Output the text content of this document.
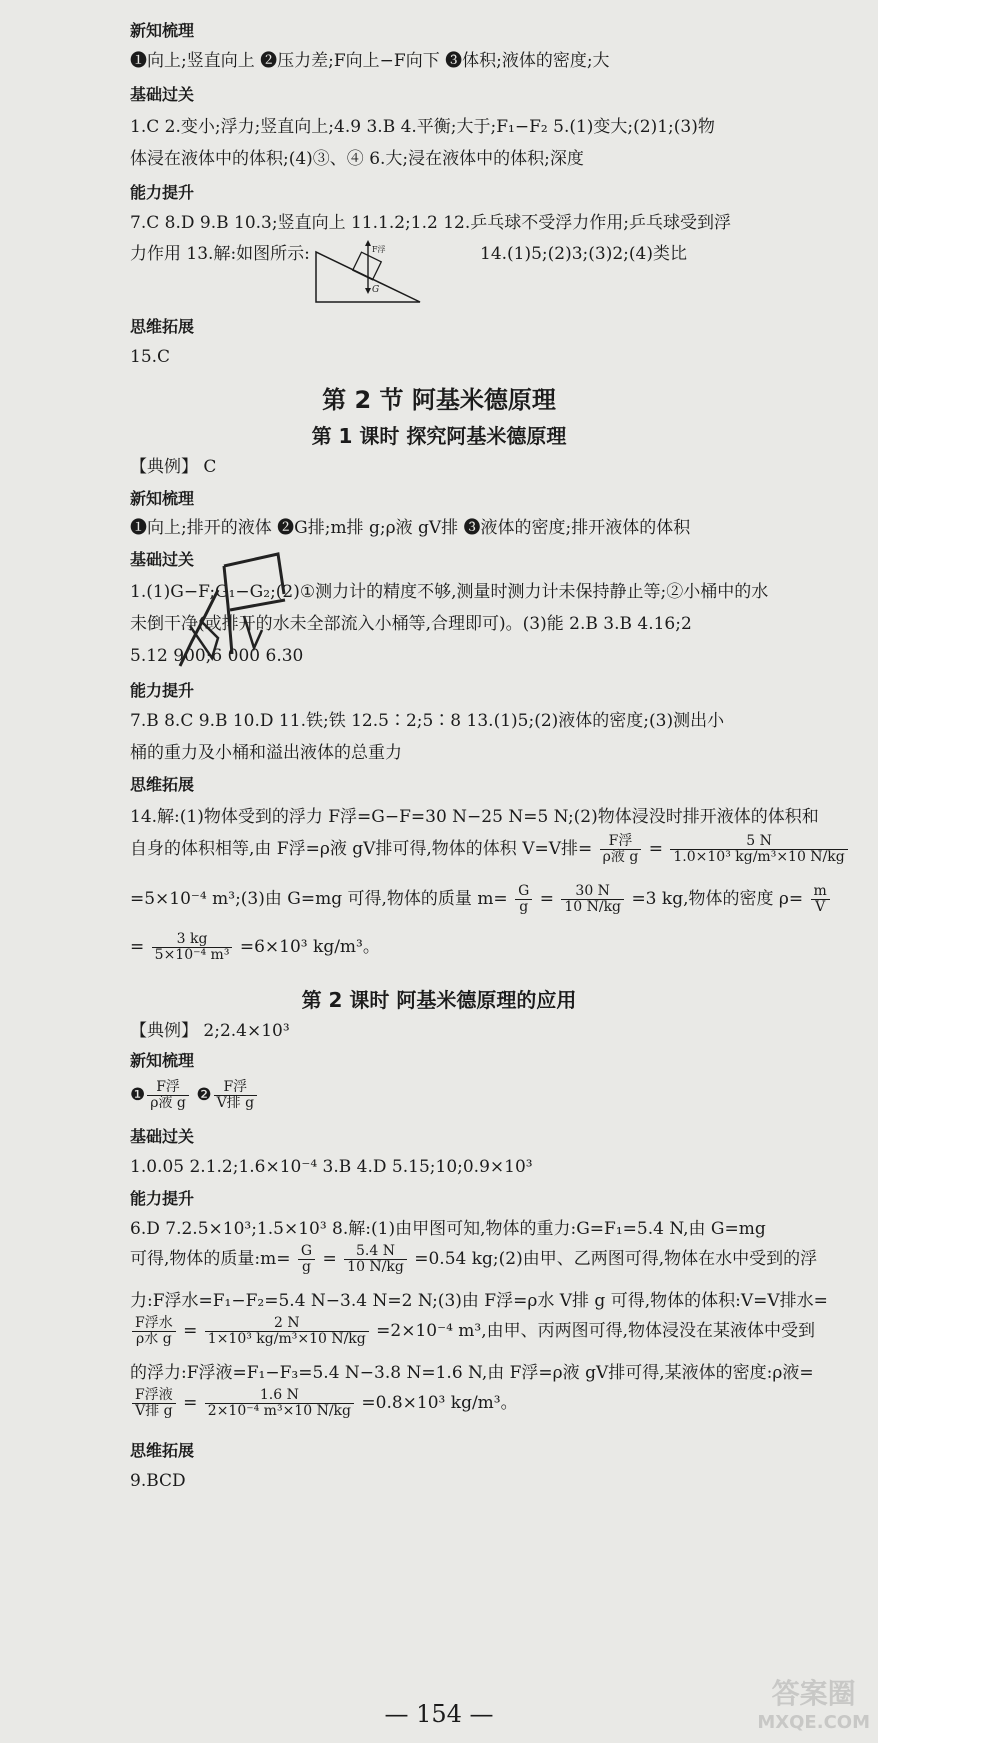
新知梳理
❶向上;竖直向上 ❷压力差;F向上−F向下 ❸体积;液体的密度;大
基础过关
1.C 2.变小;浮力;竖直向上;4.9 3.B 4.平衡;大于;F₁−F₂ 5.(1)变大;(2)1;(3)物
体浸在液体中的体积;(4)③、④ 6.大;浸在液体中的体积;深度
能力提升
7.C 8.D 9.B 10.3;竖直向上 11.1.2;1.2 12.乒乓球不受浮力作用;乒乓球受到浮
力作用 13.解:如图所示:	14.(1)5;(2)3;(3)2;(4)类比
F浮
G
思维拓展
15.C
第 2 节 阿基米德原理
第 1 课时 探究阿基米德原理
【典例】 C
新知梳理
❶向上;排开的液体 ❷G排;m排 g;ρ液 gV排 ❸液体的密度;排开液体的体积
基础过关
1.(1)G−F;G₁−G₂;(2)①测力计的精度不够,测量时测力计未保持静止等;②小桶中的水
未倒干净(或排开的水未全部流入小桶等,合理即可)。(3)能 2.B 3.B 4.16;2
5.12 900;6 000 6.30
能力提升
7.B 8.C 9.B 10.D 11.铁;铁 12.5∶2;5∶8 13.(1)5;(2)液体的密度;(3)测出小
桶的重力及小桶和溢出液体的总重力
思维拓展
14.解:(1)物体受到的浮力 F浮=G−F=30 N−25 N=5 N;(2)物体浸没时排开液体的体积和
自身的体积相等,由 F浮=ρ液 gV排可得,物体的体积 V=V排= $\frac{\text{F浮}}{\text{ρ液 g}} = \frac{5 N}{\text{1.0×10³ kg/m³×10 N/kg}}$
=5×10⁻⁴ m³;(3)由 G=mg 可得,物体的质量 $m= \frac{G}{g} = \frac{30 N}{10 N/kg} =3$ kg,物体的密度 $\rho= \frac{m}{V}$
= $\frac{3 kg}{\text{5×10⁻⁴ m³}} =6\times 10^3$ kg/m³。
第 2 课时 阿基米德原理的应用
【典例】 2;2.4×10³
新知梳理
❶ $\frac{\text{F浮}}{\text{ρ液 g}}$ ❷ $\frac{\text{F浮}}{\text{V排 g}}$
基础过关
1.0.05 2.1.2;1.6×10⁻⁴ 3.B 4.D 5.15;10;0.9×10³
能力提升
6.D 7.2.5×10³;1.5×10³ 8.解:(1)由甲图可知,物体的重力:G=F₁=5.4 N,由 G=mg
可得,物体的质量:m= $\frac{G}{g} = \frac{5.4 N}{10 N/kg} =0.54$ kg;(2)由甲、乙两图可得,物体在水中受到的浮
力:F浮水=F₁−F₂=5.4 N−3.4 N=2 N;(3)由 F浮=ρ水 V排 g 可得,物体的体积:V=V排水=
$\frac{\text{F浮水}}{\text{ρ水 g}} = \frac{2 N}{\text{1×10³ kg/m³×10 N/kg}} =2\times 10^{-4}$ m³,由甲、丙两图可得,物体浸没在某液体中受到
的浮力:F浮液=F₁−F₃=5.4 N−3.8 N=1.6 N,由 F浮=ρ液 gV排可得,某液体的密度:ρ液=
$\frac{\text{F浮液}}{\text{V排 g}} = \frac{1.6 N}{\text{2×10⁻⁴ m³×10 N/kg}} =0.8\times 10^3$ kg/m³。
思维拓展
9.BCD
— 154 —
答案圈
MXQE.COM
